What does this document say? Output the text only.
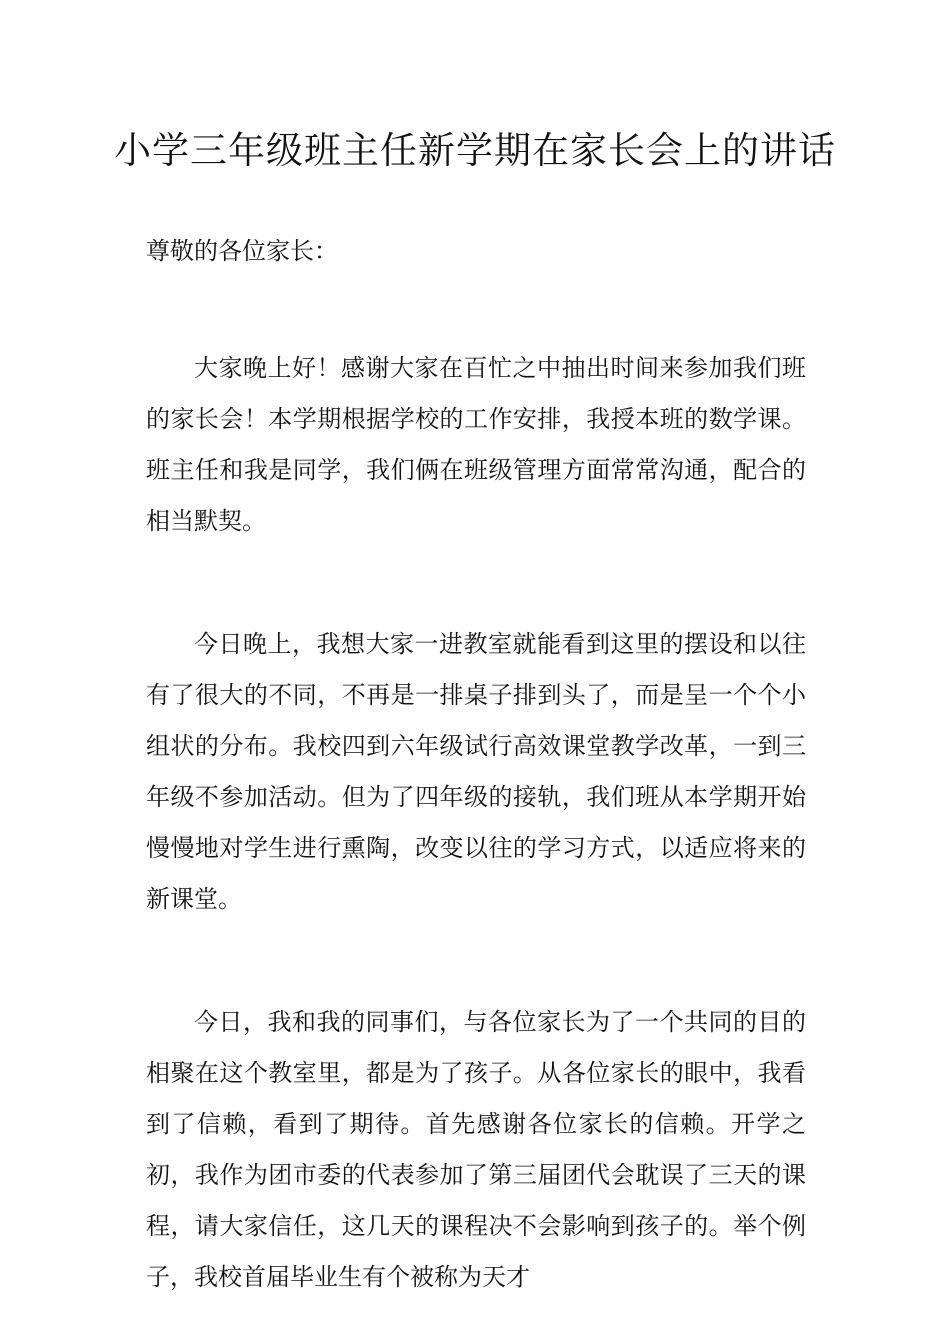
小学三年级班主任新学期在家长会上的讲话

尊敬的各位家长：

大家晚上好！感谢大家在百忙之中抽出时间来参加我们班的家长会！本学期根据学校的工作安排，我授本班的数学课。班主任和我是同学，我们俩在班级管理方面常常沟通，配合的相当默契。

今日晚上，我想大家一进教室就能看到这里的摆设和以往有了很大的不同，不再是一排桌子排到头了，而是呈一个个小组状的分布。我校四到六年级试行高效课堂教学改革，一到三年级不参加活动。但为了四年级的接轨，我们班从本学期开始慢慢地对学生进行熏陶，改变以往的学习方式，以适应将来的新课堂。

今日，我和我的同事们，与各位家长为了一个共同的目的相聚在这个教室里，都是为了孩子。从各位家长的眼中，我看到了信赖，看到了期待。首先感谢各位家长的信赖。开学之初，我作为团市委的代表参加了第三届团代会耽误了三天的课程，请大家信任，这几天的课程决不会影响到孩子的。举个例子，我校首届毕业生有个被称为天才
